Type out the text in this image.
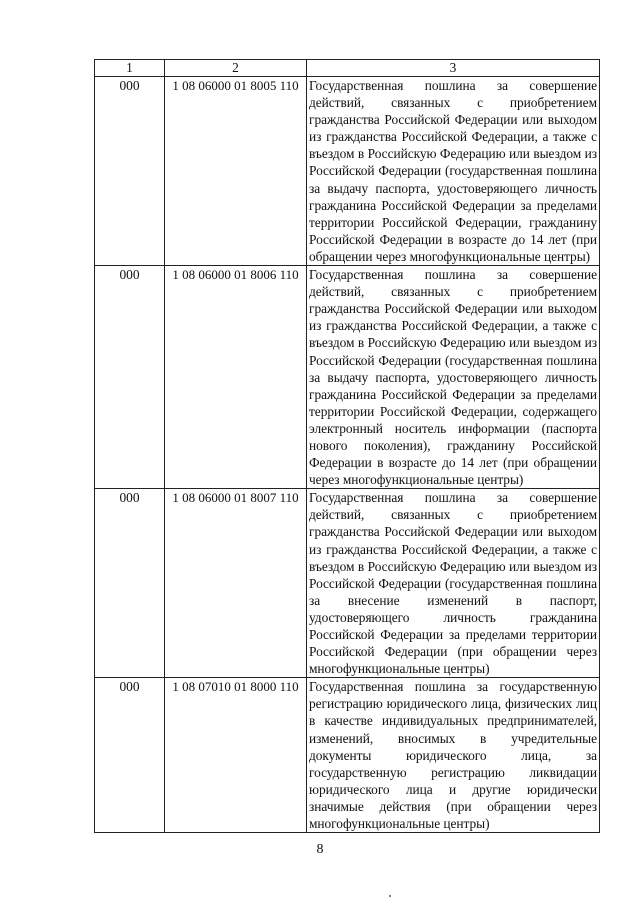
1	2	3
000	1 08 06000 01 8005 110	Государственная пошлина за совершение действий, связанных с приобретением гражданства Российской Федерации или выходом из гражданства Российской Федерации, а также с въездом в Российскую Федерацию или выездом из Российской Федерации (государственная пошлина за выдачу паспорта, удостоверяющего личность гражданина Российской Федерации за пределами территории Российской Федерации, гражданину Российской Федерации в возрасте до 14 лет (при обращении через многофункциональные центры)
000	1 08 06000 01 8006 110	Государственная пошлина за совершение действий, связанных с приобретением гражданства Российской Федерации или выходом из гражданства Российской Федерации, а также с въездом в Российскую Федерацию или выездом из Российской Федерации (государственная пошлина за выдачу паспорта, удостоверяющего личность гражданина Российской Федерации за пределами территории Российской Федерации, содержащего электронный носитель информации (паспорта нового поколения), гражданину Российской Федерации в возрасте до 14 лет (при обращении через многофункциональные центры)
000	1 08 06000 01 8007 110	Государственная пошлина за совершение действий, связанных с приобретением гражданства Российской Федерации или выходом из гражданства Российской Федерации, а также с въездом в Российскую Федерацию или выездом из Российской Федерации (государственная пошлина за внесение изменений в паспорт, удостоверяющего личность гражданина Российской Федерации за пределами территории Российской Федерации (при обращении через многофункциональные центры)
000	1 08 07010 01 8000 110	Государственная пошлина за государственную регистрацию юридического лица, физических лиц в качестве индивидуальных предпринимателей, изменений, вносимых в учредительные документы юридического лица, за государственную регистрацию ликвидации юридического лица и другие юридически значимые действия (при обращении через многофункциональные центры)
8
